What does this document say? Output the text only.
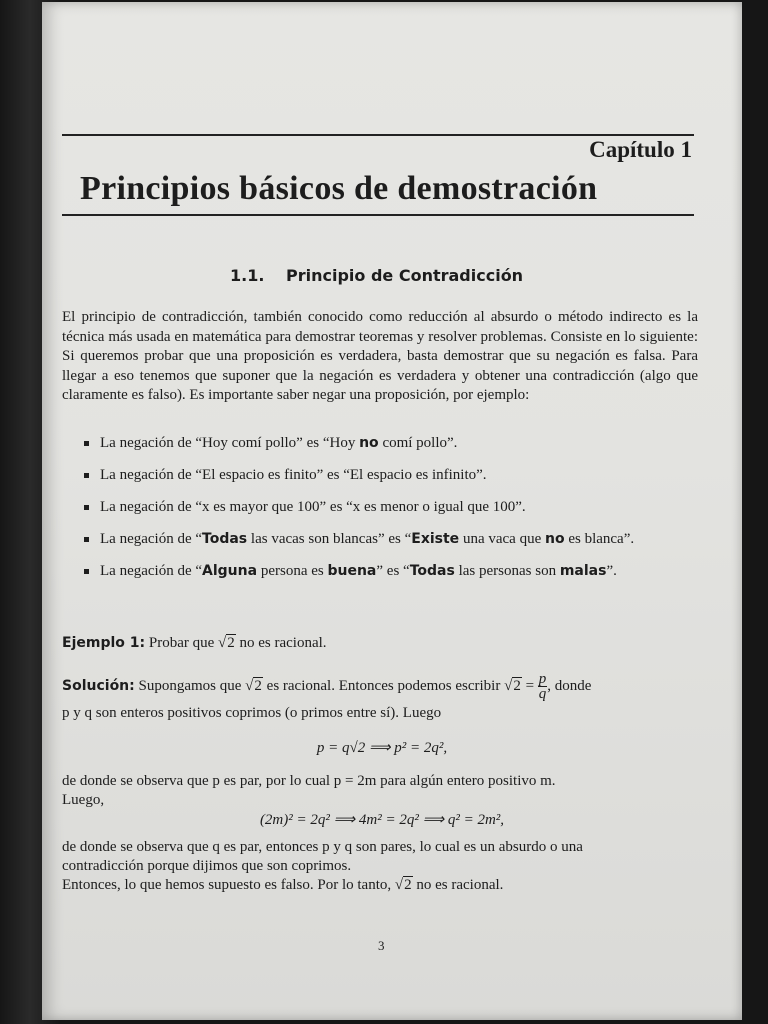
Capítulo 1
Principios básicos de demostración
1.1. Principio de Contradicción
El principio de contradicción, también conocido como reducción al absurdo o método indirecto es la técnica más usada en matemática para demostrar teoremas y resolver problemas. Consiste en lo siguiente: Si queremos probar que una proposición es verdadera, basta demostrar que su negación es falsa. Para llegar a eso tenemos que suponer que la negación es verdadera y obtener una contradicción (algo que claramente es falso). Es importante saber negar una proposición, por ejemplo:
La negación de “Hoy comí pollo” es “Hoy no comí pollo”.
La negación de “El espacio es finito” es “El espacio es infinito”.
La negación de “x es mayor que 100” es “x es menor o igual que 100”.
La negación de “Todas las vacas son blancas” es “Existe una vaca que no es blanca”.
La negación de “Alguna persona es buena” es “Todas las personas son malas”.
Ejemplo 1: Probar que √2 no es racional.
Solución: Supongamos que √2 es racional. Entonces podemos escribir $√2 = \frac{p}{q}$ , donde
p y q son enteros positivos coprimos (o primos entre sí). Luego
p = q√2 ⟹ p² = 2q²,
de donde se observa que p es par, por lo cual p = 2m para algún entero positivo m.
Luego,
(2m)² = 2q² ⟹ 4m² = 2q² ⟹ q² = 2m²,
de donde se observa que q es par, entonces p y q son pares, lo cual es un absurdo o una
contradicción porque dijimos que son coprimos.
Entonces, lo que hemos supuesto es falso. Por lo tanto, √2 no es racional.
3
